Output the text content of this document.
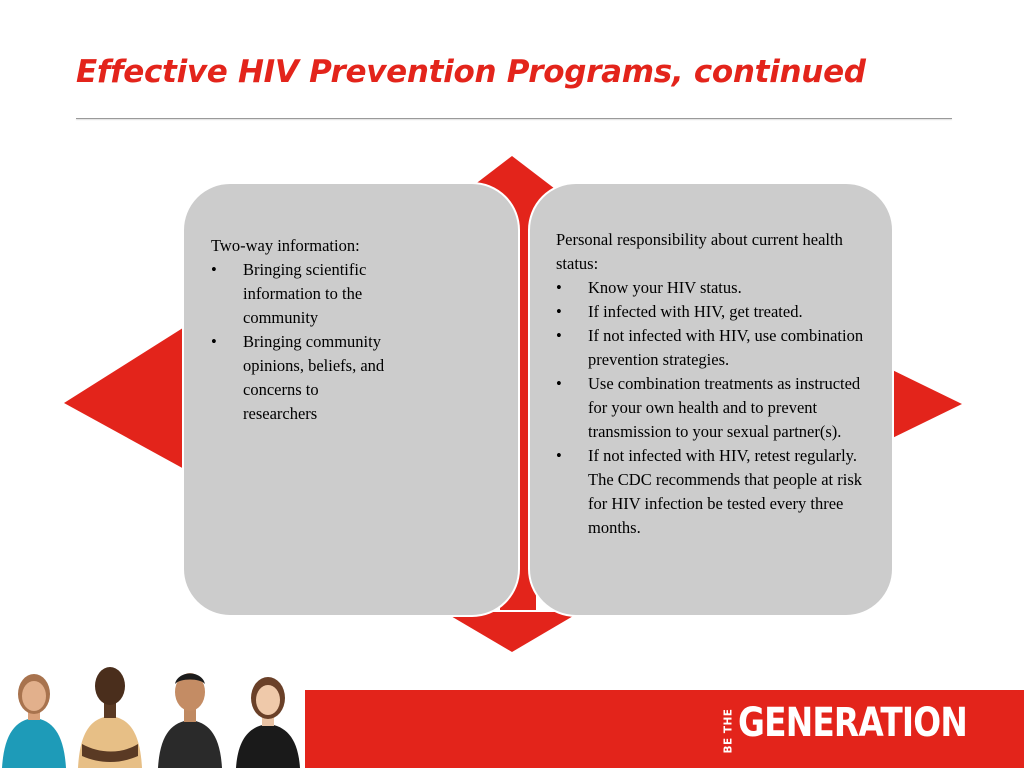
Effective HIV Prevention Programs, continued
Two-way information:
• Bringing scientific information to the community
• Bringing community opinions, beliefs, and concerns to researchers
Personal responsibility about current health status:
• Know your HIV status.
• If infected with HIV, get treated.
• If not infected with HIV, use combination prevention strategies.
• Use combination treatments as instructed for your own health and to prevent transmission to your sexual partner(s).
• If not infected with HIV, retest regularly. The CDC recommends that people at risk for HIV infection be tested every three months.
BE THE GENERATION
